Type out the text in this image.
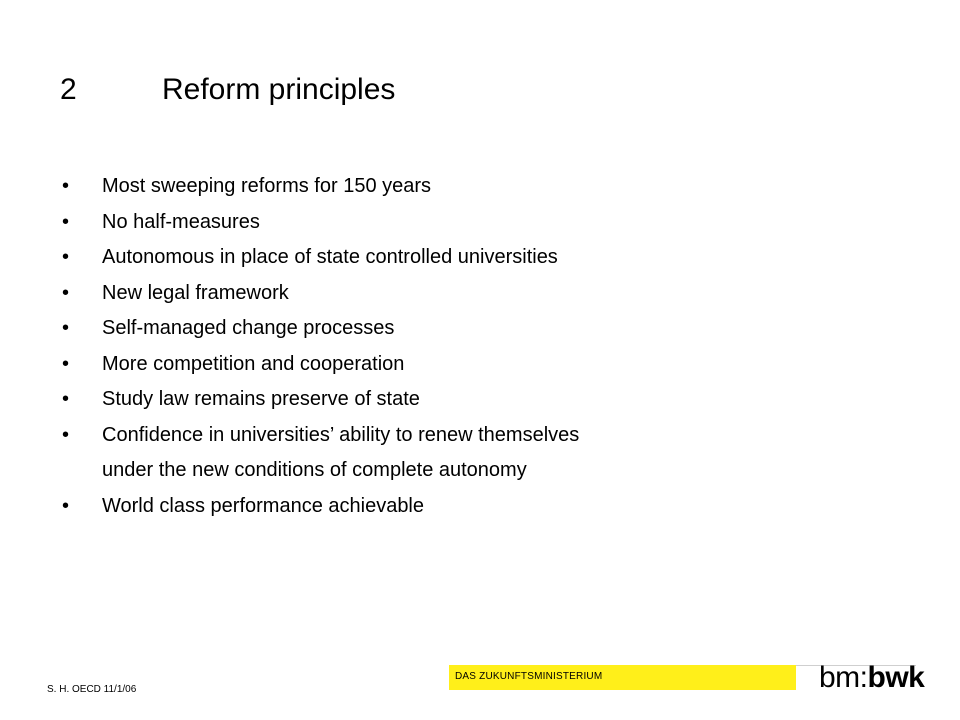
2	Reform principles
• Most sweeping reforms for 150 years
• No half-measures
• Autonomous in place of state controlled universities
• New legal framework
• Self-managed change processes
• More competition and cooperation
• Study law remains preserve of state
• Confidence in universities’ ability to renew themselves
under the new conditions of complete autonomy
• World class performance achievable
S. H. OECD 11/1/06
DAS ZUKUNFTSMINISTERIUM	bm:bwk
